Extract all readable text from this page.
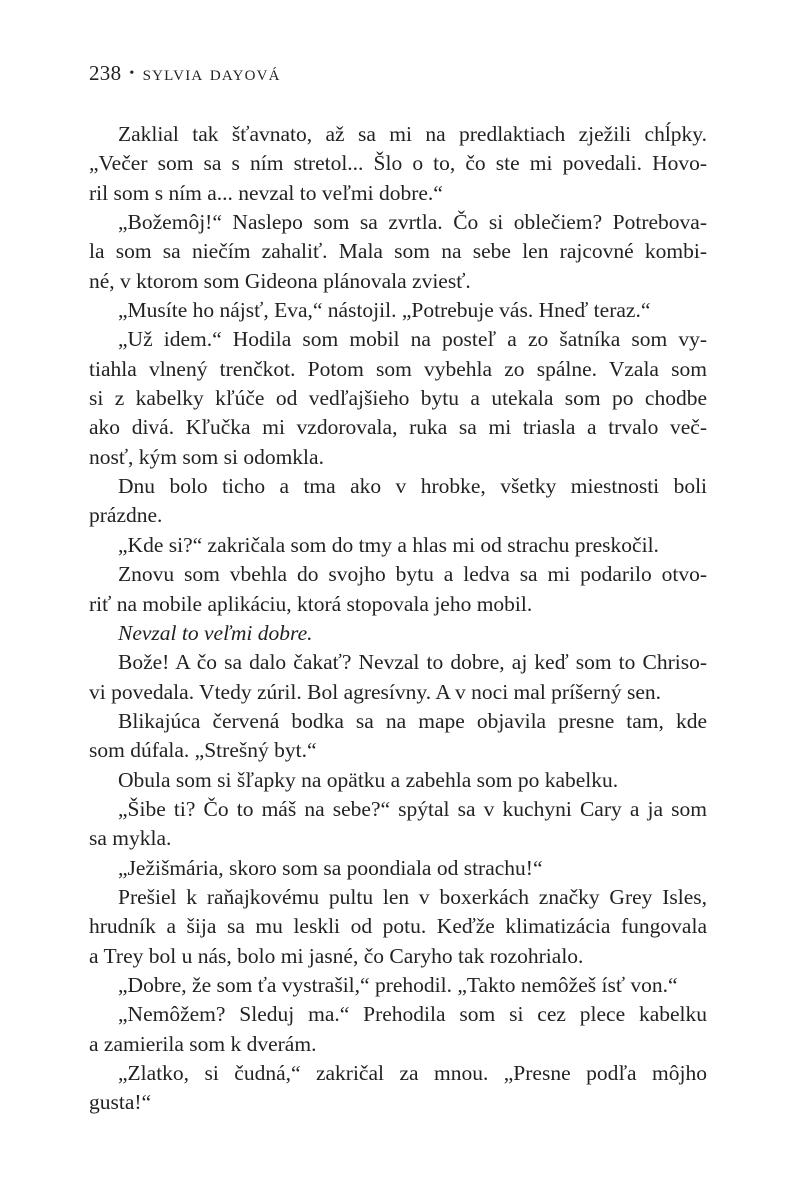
238 • sylvia dayová
Zaklial tak šťavnato, až sa mi na predlaktiach zježili chĺpky.
„Večer som sa s ním stretol... Šlo o to, čo ste mi povedali. Hovo-
ril som s ním a... nevzal to veľmi dobre.“
„Božemôj!“ Naslepo som sa zvrtla. Čo si oblečiem? Potrebova-
la som sa niečím zahaliť. Mala som na sebe len rajcovné kombi-
né, v ktorom som Gideona plánovala zviesť.
„Musíte ho nájsť, Eva,“ nástojil. „Potrebuje vás. Hneď teraz.“
„Už idem.“ Hodila som mobil na posteľ a zo šatníka som vy-
tiahla vlnený trenčkot. Potom som vybehla zo spálne. Vzala som
si z kabelky kľúče od vedľajšieho bytu a utekala som po chodbe
ako divá. Kľučka mi vzdorovala, ruka sa mi triasla a trvalo več-
nosť, kým som si odomkla.
Dnu bolo ticho a tma ako v hrobke, všetky miestnosti boli
prázdne.
„Kde si?“ zakričala som do tmy a hlas mi od strachu preskočil.
Znovu som vbehla do svojho bytu a ledva sa mi podarilo otvo-
riť na mobile aplikáciu, ktorá stopovala jeho mobil.
Nevzal to veľmi dobre.
Bože! A čo sa dalo čakať? Nevzal to dobre, aj keď som to Chriso-
vi povedala. Vtedy zúril. Bol agresívny. A v noci mal príšerný sen.
Blikajúca červená bodka sa na mape objavila presne tam, kde
som dúfala. „Strešný byt.“
Obula som si šľapky na opätku a zabehla som po kabelku.
„Šibe ti? Čo to máš na sebe?“ spýtal sa v kuchyni Cary a ja som
sa mykla.
„Ježišmária, skoro som sa poondiala od strachu!“
Prešiel k raňajkovému pultu len v boxerkách značky Grey Isles,
hrudník a šija sa mu leskli od potu. Keďže klimatizácia fungovala
a Trey bol u nás, bolo mi jasné, čo Caryho tak rozohrialo.
„Dobre, že som ťa vystrašil,“ prehodil. „Takto nemôžeš ísť von.“
„Nemôžem? Sleduj ma.“ Prehodila som si cez plece kabelku
a zamierila som k dverám.
„Zlatko, si čudná,“ zakričal za mnou. „Presne podľa môjho
gusta!“
